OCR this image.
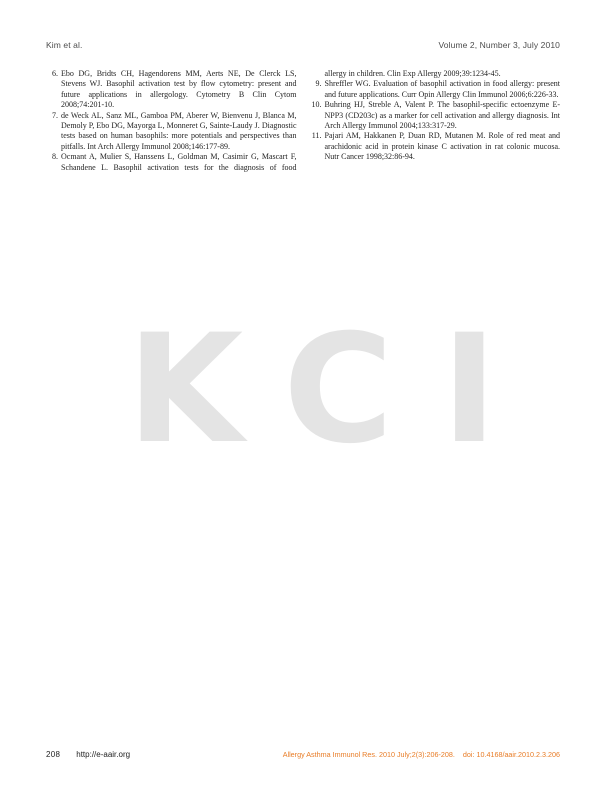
Kim et al.	Volume 2, Number 3, July 2010
6. Ebo DG, Bridts CH, Hagendorens MM, Aerts NE, De Clerck LS, Stevens WJ. Basophil activation test by flow cytometry: present and future applications in allergology. Cytometry B Clin Cytom 2008;74:201-10.
7. de Weck AL, Sanz ML, Gamboa PM, Aberer W, Bienvenu J, Blanca M, Demoly P, Ebo DG, Mayorga L, Monneret G, Sainte-Laudy J. Diagnostic tests based on human basophils: more potentials and perspectives than pitfalls. Int Arch Allergy Immunol 2008;146:177-89.
8. Ocmant A, Mulier S, Hanssens L, Goldman M, Casimir G, Mascart F, Schandene L. Basophil activation tests for the diagnosis of food
allergy in children. Clin Exp Allergy 2009;39:1234-45.
9. Shreffler WG. Evaluation of basophil activation in food allergy: present and future applications. Curr Opin Allergy Clin Immunol 2006;6:226-33.
10. Buhring HJ, Streble A, Valent P. The basophil-specific ectoenzyme E-NPP3 (CD203c) as a marker for cell activation and allergy diagnosis. Int Arch Allergy Immunol 2004;133:317-29.
11. Pajari AM, Hakkanen P, Duan RD, Mutanen M. Role of red meat and arachidonic acid in protein kinase C activation in rat colonic mucosa. Nutr Cancer 1998;32:86-94.
K C I
208 http://e-aair.org	Allergy Asthma Immunol Res. 2010 July;2(3):206-208. doi: 10.4168/aair.2010.2.3.206
